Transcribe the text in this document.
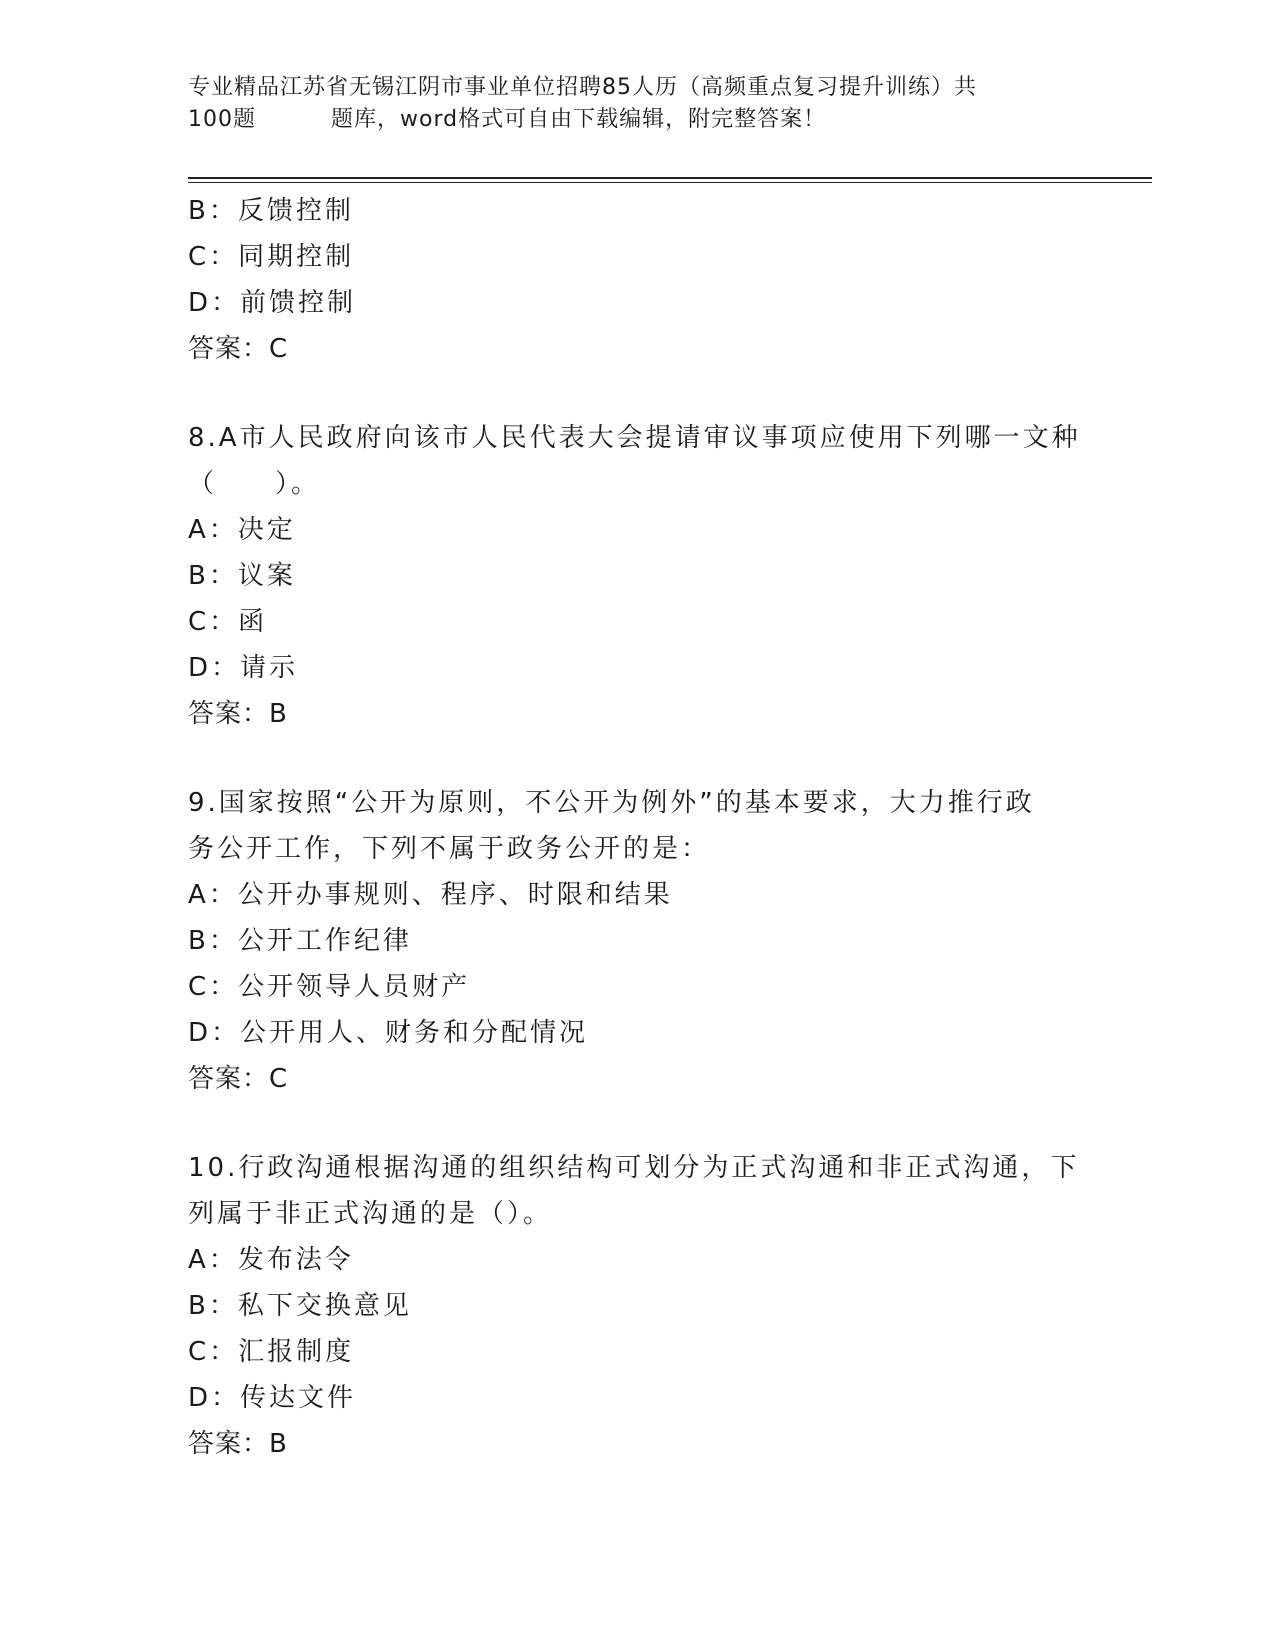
专业精品江苏省无锡江阴市事业单位招聘85人历（高频重点复习提升训练）共
100题	题库，word格式可自由下载编辑，附完整答案！
B：反馈控制
C：同期控制
D：前馈控制
答案：C
8.A市人民政府向该市人民代表大会提请审议事项应使用下列哪一文种
（　　）。
A：决定
B：议案
C：函
D：请示
答案：B
9.国家按照“公开为原则，不公开为例外”的基本要求，大力推行政
务公开工作，下列不属于政务公开的是：
A：公开办事规则、程序、时限和结果
B：公开工作纪律
C：公开领导人员财产
D：公开用人、财务和分配情况
答案：C
10.行政沟通根据沟通的组织结构可划分为正式沟通和非正式沟通，下
列属于非正式沟通的是（）。
A：发布法令
B：私下交换意见
C：汇报制度
D：传达文件
答案：B
